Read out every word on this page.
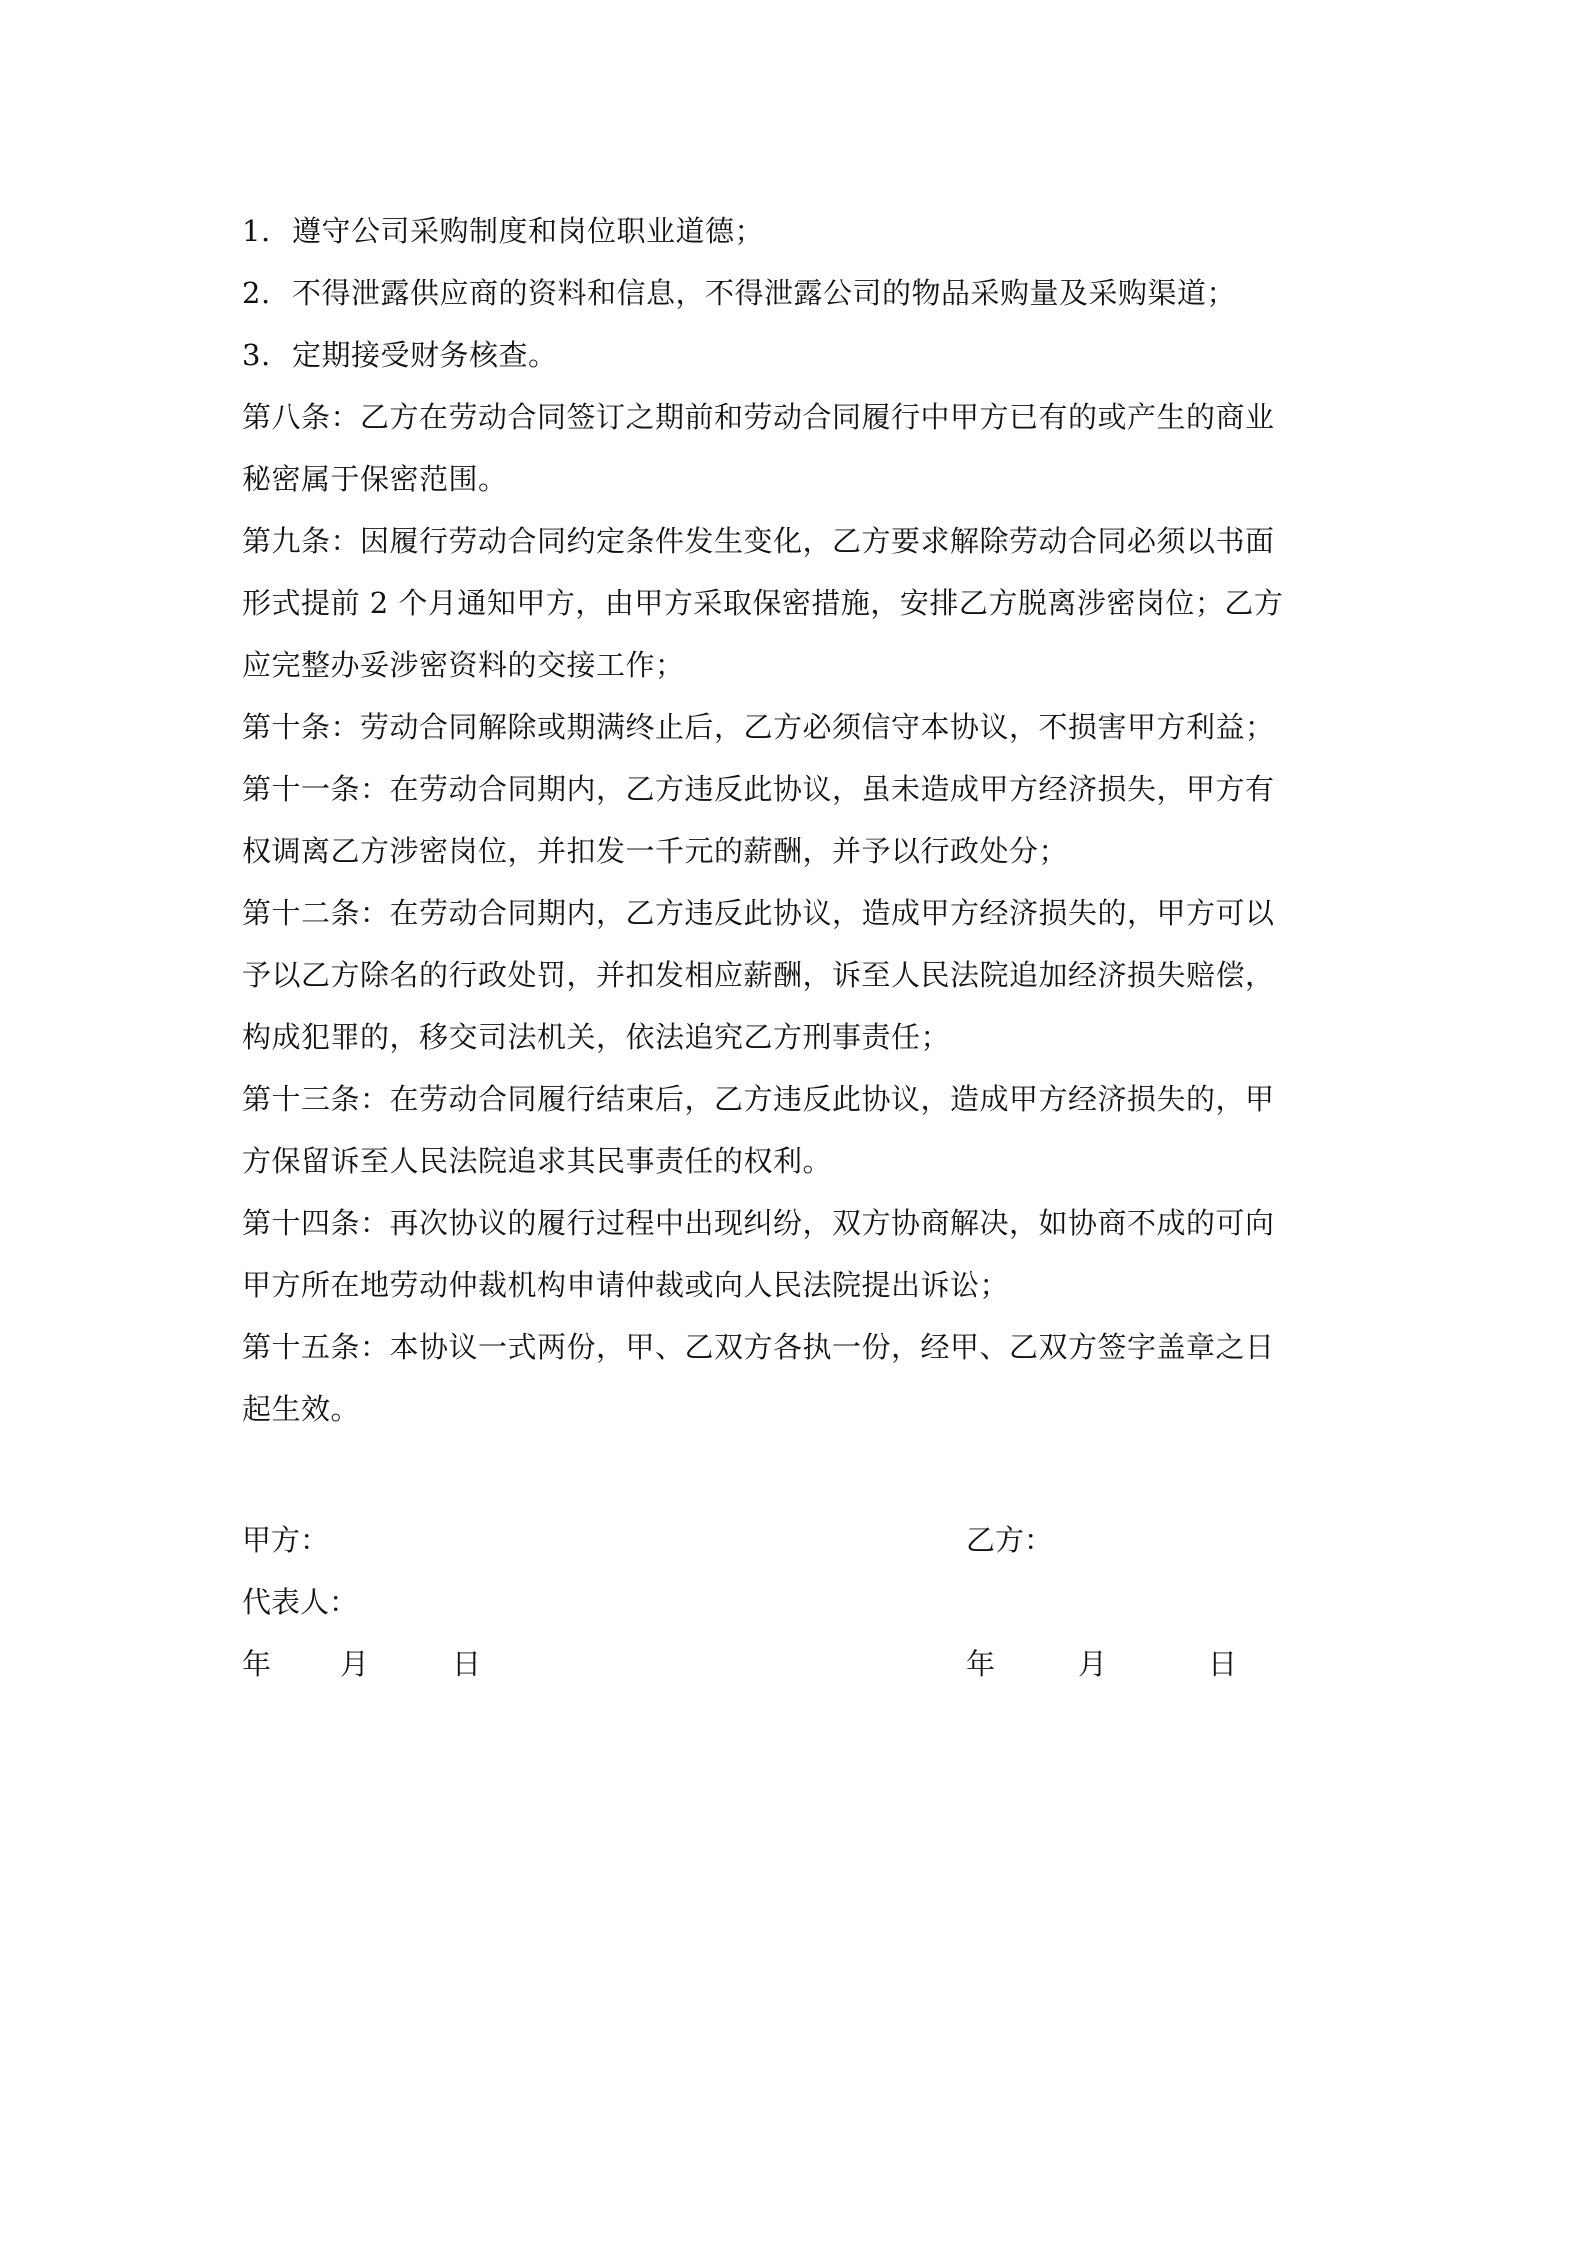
1. 遵守公司采购制度和岗位职业道德；
2. 不得泄露供应商的资料和信息，不得泄露公司的物品采购量及采购渠道；
3. 定期接受财务核查。
第八条：乙方在劳动合同签订之期前和劳动合同履行中甲方已有的或产生的商业
秘密属于保密范围。
第九条：因履行劳动合同约定条件发生变化，乙方要求解除劳动合同必须以书面
形式提前 2 个月通知甲方，由甲方采取保密措施，安排乙方脱离涉密岗位；乙方
应完整办妥涉密资料的交接工作；
第十条：劳动合同解除或期满终止后，乙方必须信守本协议，不损害甲方利益；
第十一条：在劳动合同期内，乙方违反此协议，虽未造成甲方经济损失，甲方有
权调离乙方涉密岗位，并扣发一千元的薪酬，并予以行政处分；
第十二条：在劳动合同期内，乙方违反此协议，造成甲方经济损失的，甲方可以
予以乙方除名的行政处罚，并扣发相应薪酬，诉至人民法院追加经济损失赔偿，
构成犯罪的，移交司法机关，依法追究乙方刑事责任；
第十三条：在劳动合同履行结束后，乙方违反此协议，造成甲方经济损失的，甲
方保留诉至人民法院追求其民事责任的权利。
第十四条：再次协议的履行过程中出现纠纷，双方协商解决，如协商不成的可向
甲方所在地劳动仲裁机构申请仲裁或向人民法院提出诉讼；
第十五条：本协议一式两份，甲、乙双方各执一份，经甲、乙双方签字盖章之日
起生效。
甲方：	乙方：
代表人：
年 月	日	年	月	日
